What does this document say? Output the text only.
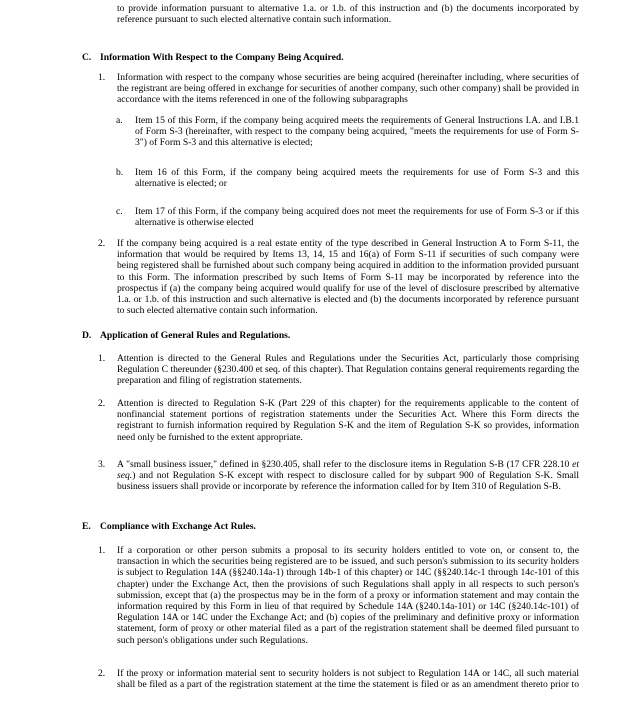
to provide information pursuant to alternative 1.a. or 1.b. of this instruction and (b) the documents incorporated by reference pursuant to such elected alternative contain such information.
C. Information With Respect to the Company Being Acquired.
1. Information with respect to the company whose securities are being acquired (hereinafter including, where securities of the registrant are being offered in exchange for securities of another company, such other company) shall be provided in accordance with the items referenced in one of the following subparagraphs
a. Item 15 of this Form, if the company being acquired meets the requirements of General Instructions I.A. and I.B.1 of Form S-3 (hereinafter, with respect to the company being acquired, "meets the requirements for use of Form S-3") of Form S-3 and this alternative is elected;
b. Item 16 of this Form, if the company being acquired meets the requirements for use of Form S-3 and this alternative is elected; or
c. Item 17 of this Form, if the company being acquired does not meet the requirements for use of Form S-3 or if this alternative is otherwise elected
2. If the company being acquired is a real estate entity of the type described in General Instruction A to Form S-11, the information that would be required by Items 13, 14, 15 and 16(a) of Form S-11 if securities of such company were being registered shall be furnished about such company being acquired in addition to the information provided pursuant to this Form. The information prescribed by such Items of Form S-11 may be incorporated by reference into the prospectus if (a) the company being acquired would qualify for use of the level of disclosure prescribed by alternative 1.a. or 1.b. of this instruction and such alternative is elected and (b) the documents incorporated by reference pursuant to such elected alternative contain such information.
D. Application of General Rules and Regulations.
1. Attention is directed to the General Rules and Regulations under the Securities Act, particularly those comprising Regulation C thereunder (§230.400 et seq. of this chapter). That Regulation contains general requirements regarding the preparation and filing of registration statements.
2. Attention is directed to Regulation S-K (Part 229 of this chapter) for the requirements applicable to the content of nonfinancial statement portions of registration statements under the Securities Act. Where this Form directs the registrant to furnish information required by Regulation S-K and the item of Regulation S-K so provides, information need only be furnished to the extent appropriate.
3. A "small business issuer," defined in §230.405, shall refer to the disclosure items in Regulation S-B (17 CFR 228.10 et seq.) and not Regulation S-K except with respect to disclosure called for by subpart 900 of Regulation S-K. Small business issuers shall provide or incorporate by reference the information called for by Item 310 of Regulation S-B.
E. Compliance with Exchange Act Rules.
1. If a corporation or other person submits a proposal to its security holders entitled to vote on, or consent to, the transaction in which the securities being registered are to be issued, and such person's submission to its security holders is subject to Regulation 14A (§§240.14a-1) through 14b-1 of this chapter) or 14C (§§240.14c-1 through 14c-101 of this chapter) under the Exchange Act, then the provisions of such Regulations shall apply in all respects to such person's submission, except that (a) the prospectus may be in the form of a proxy or information statement and may contain the information required by this Form in lieu of that required by Schedule 14A (§240.14a-101) or 14C (§240.14c-101) of Regulation 14A or 14C under the Exchange Act; and (b) copies of the preliminary and definitive proxy or information statement, form of proxy or other material filed as a part of the registration statement shall be deemed filed pursuant to such person's obligations under such Regulations.
2. If the proxy or information material sent to security holders is not subject to Regulation 14A or 14C, all such material shall be filed as a part of the registration statement at the time the statement is filed or as an amendment thereto prior to
